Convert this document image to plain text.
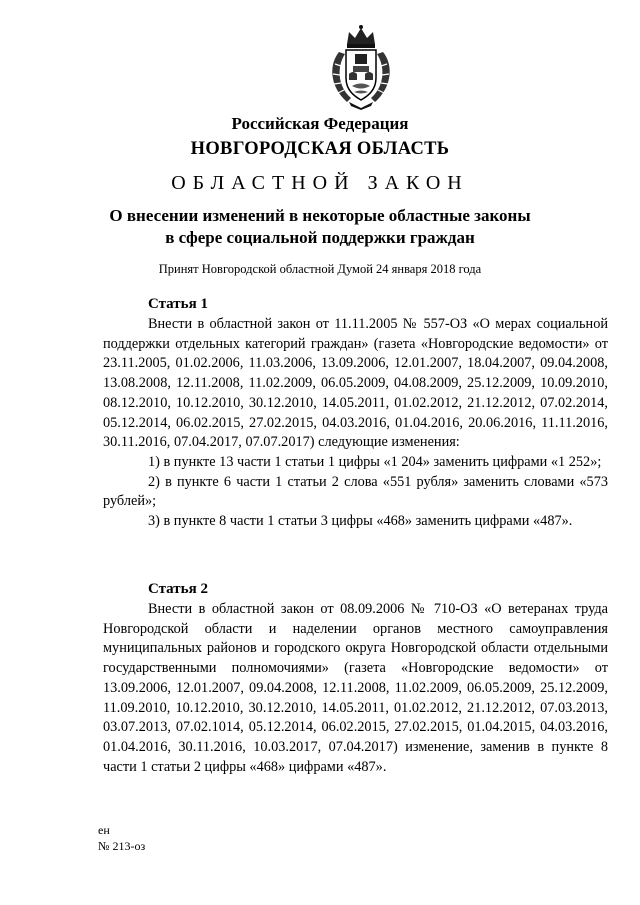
Российская Федерация
НОВГОРОДСКАЯ ОБЛАСТЬ
ОБЛАСТНОЙ ЗАКОН
О внесении изменений в некоторые областные законы
в сфере социальной поддержки граждан
Принят Новгородской областной Думой 24 января 2018 года
Статья 1

Внести в областной закон от 11.11.2005 № 557-ОЗ «О мерах социальной поддержки отдельных категорий граждан» (газета «Новгородские ведомости» от 23.11.2005, 01.02.2006, 11.03.2006, 13.09.2006, 12.01.2007, 18.04.2007, 09.04.2008, 13.08.2008, 12.11.2008, 11.02.2009, 06.05.2009, 04.08.2009, 25.12.2009, 10.09.2010, 08.12.2010, 10.12.2010, 30.12.2010, 14.05.2011, 01.02.2012, 21.12.2012, 07.02.2014, 05.12.2014, 06.02.2015, 27.02.2015, 04.03.2016, 01.04.2016, 20.06.2016, 11.11.2016, 30.11.2016, 07.04.2017, 07.07.2017) следующие изменения:

1) в пункте 13 части 1 статьи 1 цифры «1 204» заменить цифрами «1 252»;

2) в пункте 6 части 1 статьи 2 слова «551 рубля» заменить словами «573 рублей»;

3) в пункте 8 части 1 статьи 3 цифры «468» заменить цифрами «487».

Статья 2

Внести в областной закон от 08.09.2006 № 710-ОЗ «О ветеранах труда Новгородской области и наделении органов местного самоуправления муниципальных районов и городского округа Новгородской области отдельными государственными полномочиями» (газета «Новгородские ведомости» от 13.09.2006, 12.01.2007, 09.04.2008, 12.11.2008, 11.02.2009, 06.05.2009, 25.12.2009, 11.09.2010, 10.12.2010, 30.12.2010, 14.05.2011, 01.02.2012, 21.12.2012, 07.03.2013, 03.07.2013, 07.02.1014, 05.12.2014, 06.02.2015, 27.02.2015, 01.04.2015, 04.03.2016, 01.04.2016, 30.11.2016, 10.03.2017, 07.04.2017) изменение, заменив в пункте 8 части 1 статьи 2 цифры «468» цифрами «487».

ен
№ 213-оз
